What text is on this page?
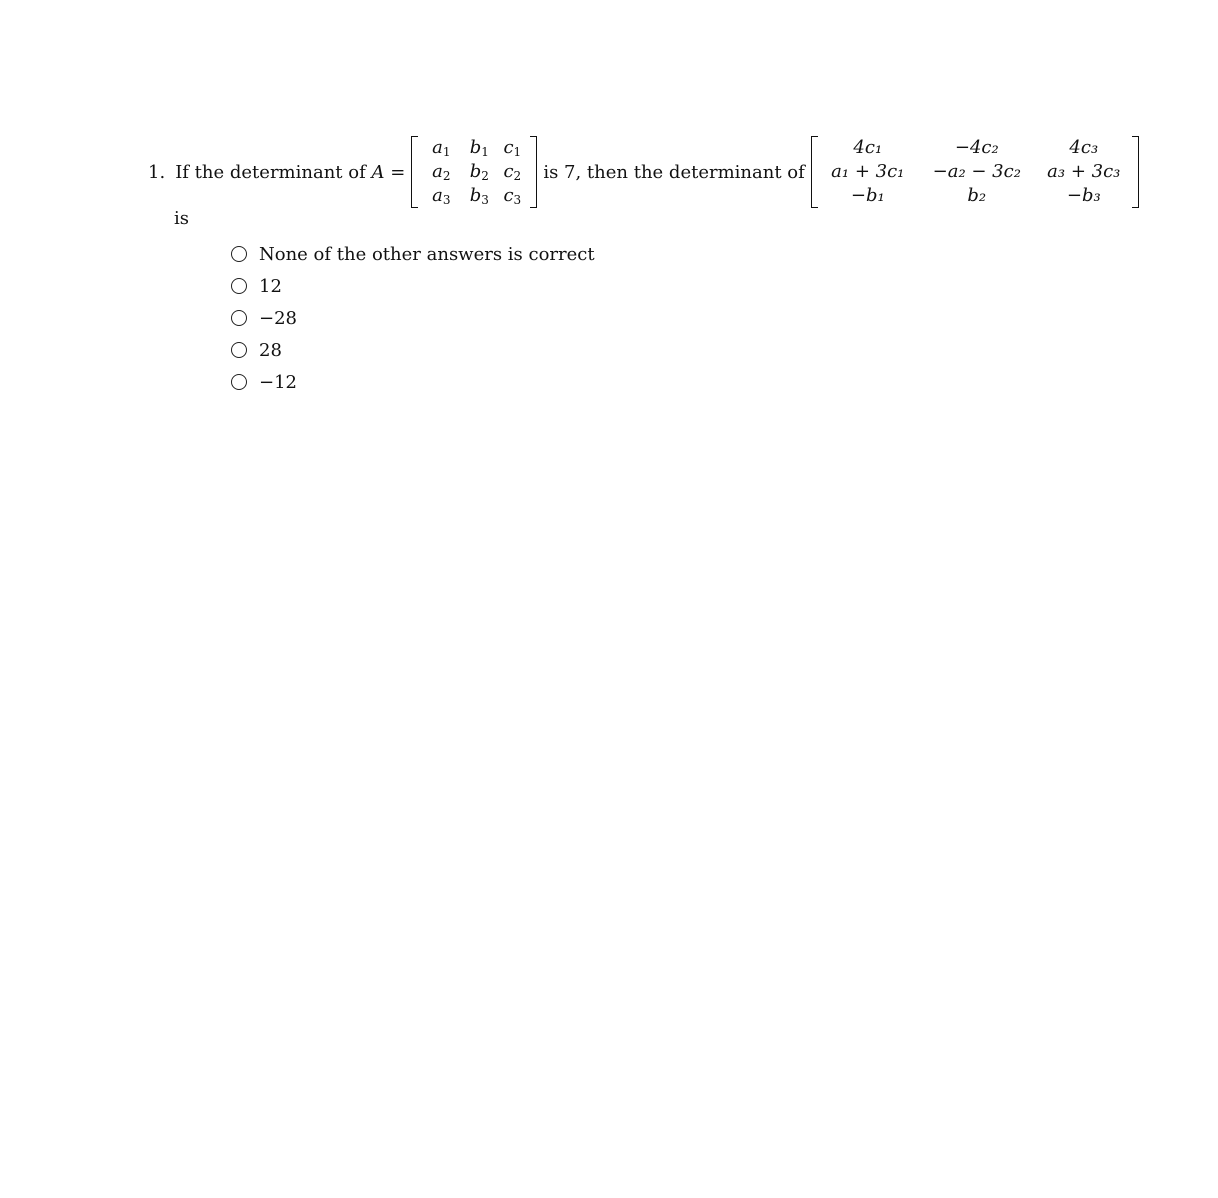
1. If the determinant of
A
=
$a_1$	$b_1$ $c_1$
$a_2$	$b_2$ $c_2$
$a_3$	$b_3$ $c_3$
is 7, then the determinant of
4c₁	−4c₂	4c₃
a₁ + 3c₁	−a₂ − 3c₂	a₃ + 3c₃
−b₁	b₂	−b₃
is
None of the other answers is correct
12
−28
28
−12
